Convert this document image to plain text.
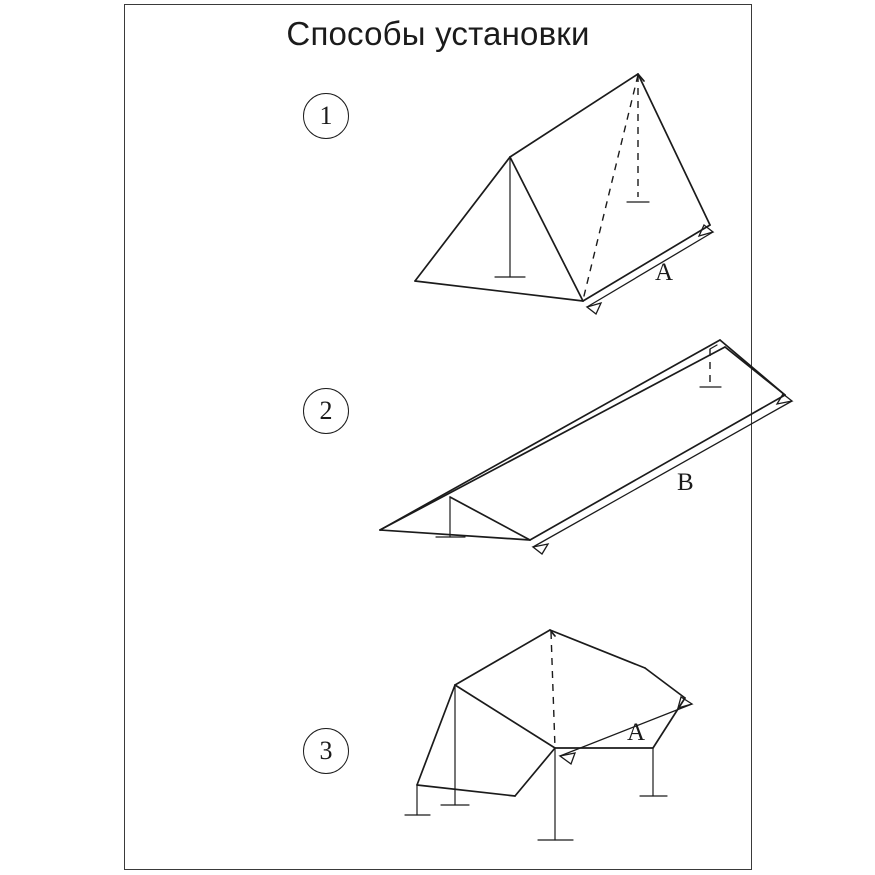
Способы установки
1
A
2
B
3
A
